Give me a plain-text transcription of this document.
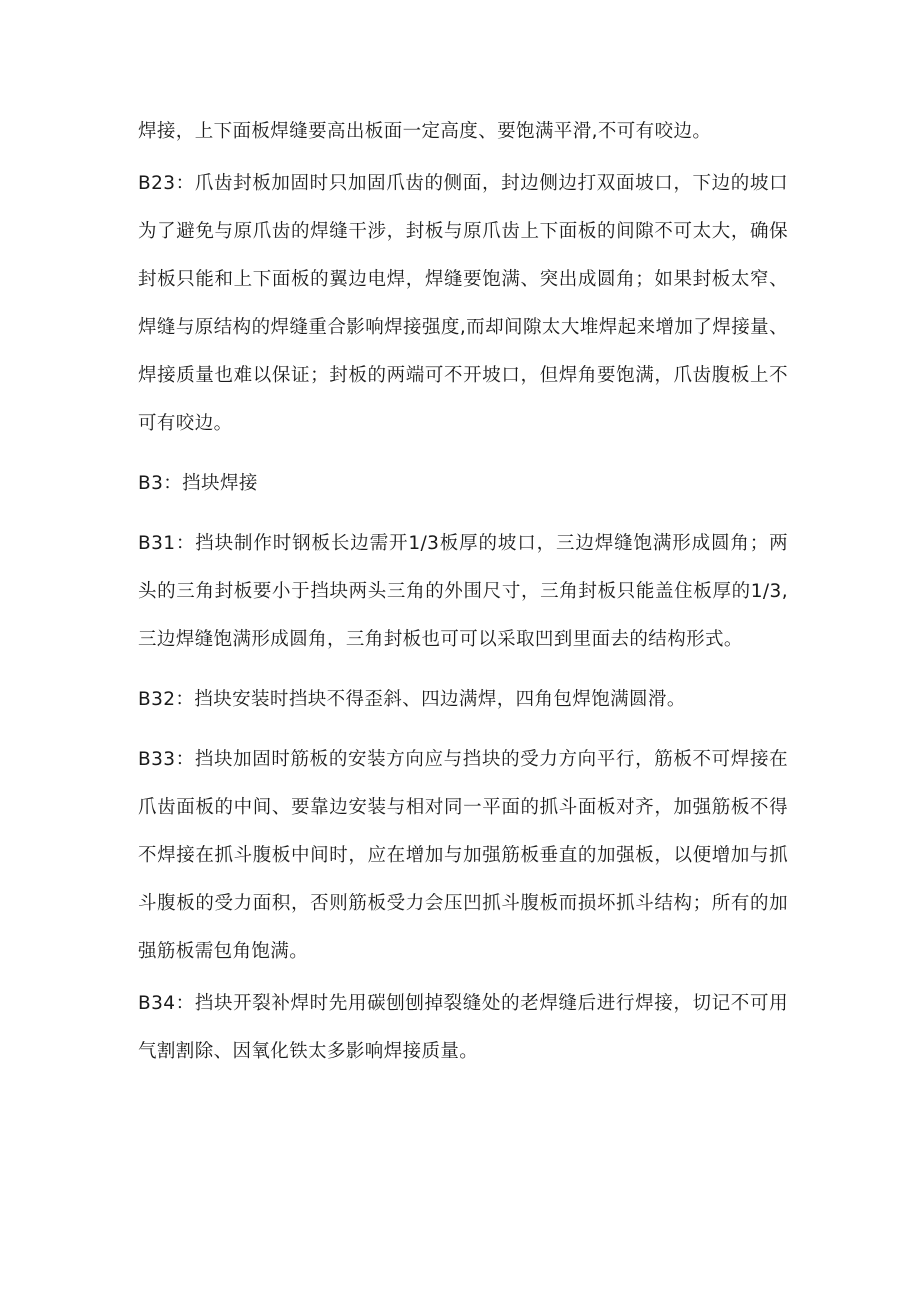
焊接，上下面板焊缝要高出板面一定高度、要饱满平滑,不可有咬边。

B23：爪齿封板加固时只加固爪齿的侧面，封边侧边打双面坡口，下边的坡口为了避免与原爪齿的焊缝干涉，封板与原爪齿上下面板的间隙不可太大，确保封板只能和上下面板的翼边电焊，焊缝要饱满、突出成圆角；如果封板太窄、焊缝与原结构的焊缝重合影响焊接强度,而却间隙太大堆焊起来增加了焊接量、焊接质量也难以保证；封板的两端可不开坡口，但焊角要饱满，爪齿腹板上不可有咬边。

B3：挡块焊接

B31：挡块制作时钢板长边需开1/3板厚的坡口，三边焊缝饱满形成圆角；两头的三角封板要小于挡块两头三角的外围尺寸，三角封板只能盖住板厚的1/3,三边焊缝饱满形成圆角，三角封板也可可以采取凹到里面去的结构形式。

B32：挡块安装时挡块不得歪斜、四边满焊，四角包焊饱满圆滑。

B33：挡块加固时筋板的安装方向应与挡块的受力方向平行，筋板不可焊接在爪齿面板的中间、要靠边安装与相对同一平面的抓斗面板对齐，加强筋板不得不焊接在抓斗腹板中间时，应在增加与加强筋板垂直的加强板，以便增加与抓斗腹板的受力面积，否则筋板受力会压凹抓斗腹板而损坏抓斗结构；所有的加强筋板需包角饱满。

B34：挡块开裂补焊时先用碳刨刨掉裂缝处的老焊缝后进行焊接，切记不可用气割割除、因氧化铁太多影响焊接质量。
